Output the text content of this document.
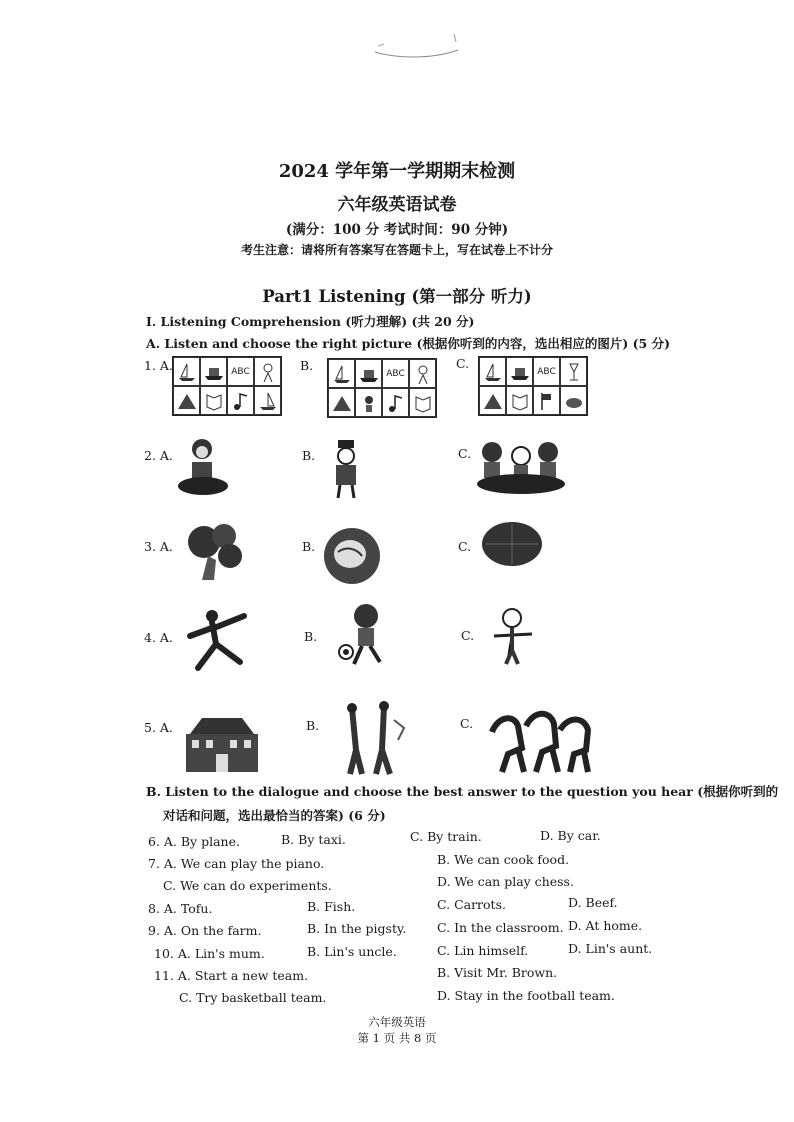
2024 学年第一学期期末检测
六年级英语试卷
(满分：100 分 考试时间：90 分钟)
考生注意：请将所有答案写在答题卡上，写在试卷上不计分
Part1 Listening (第一部分 听力)
I. Listening Comprehension (听力理解) (共 20 分)
A. Listen and choose the right picture (根据你听到的内容，选出相应的图片) (5 分)
1. A.	ABC	B.
ABC
C.
ABC
2. A.	B.	C.
3. A.	B.	C.
4. A.	B.	C.
5. A.	B.	C.
B. Listen to the dialogue and choose the best answer to the question you hear (根据你听到的
对话和问题，选出最恰当的答案) (6 分)
6. A. By plane.	B. By taxi.	C. By train.	D. By car.
7. A. We can play the piano.	B. We can cook food.
C. We can do experiments.	D. We can play chess.
8. A. Tofu.	B. Fish.	C. Carrots.	D. Beef.
9. A. On the farm.	B. In the pigsty. C. In the classroom. D. At home.
10. A. Lin's mum.	B. Lin's uncle.	C. Lin himself.	D. Lin's aunt.
11. A. Start a new team.	B. Visit Mr. Brown.
C. Try basketball team.	D. Stay in the football team.
六年级英语
第 1 页 共 8 页
